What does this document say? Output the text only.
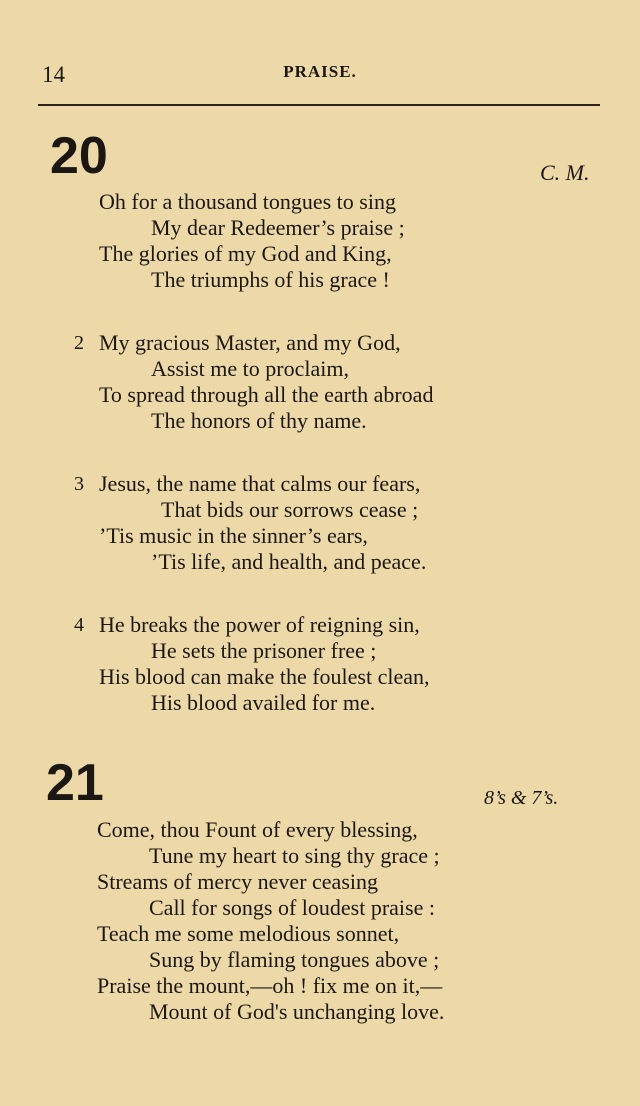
14	PRAISE.
20	C. M.
Oh for a thousand tongues to sing
My dear Redeemer’s praise ;
The glories of my God and King,
The triumphs of his grace !
2 My gracious Master, and my God,
Assist me to proclaim,
To spread through all the earth abroad
The honors of thy name.
3 Jesus, the name that calms our fears,
That bids our sorrows cease ;
’Tis music in the sinner’s ears,
’Tis life, and health, and peace.
4 He breaks the power of reigning sin,
He sets the prisoner free ;
His blood can make the foulest clean,
His blood availed for me.
21	8’s & 7’s.
Come, thou Fount of every blessing,
Tune my heart to sing thy grace ;
Streams of mercy never ceasing
Call for songs of loudest praise :
Teach me some melodious sonnet,
Sung by flaming tongues above ;
Praise the mount,—oh ! fix me on it,—
Mount of God's unchanging love.
